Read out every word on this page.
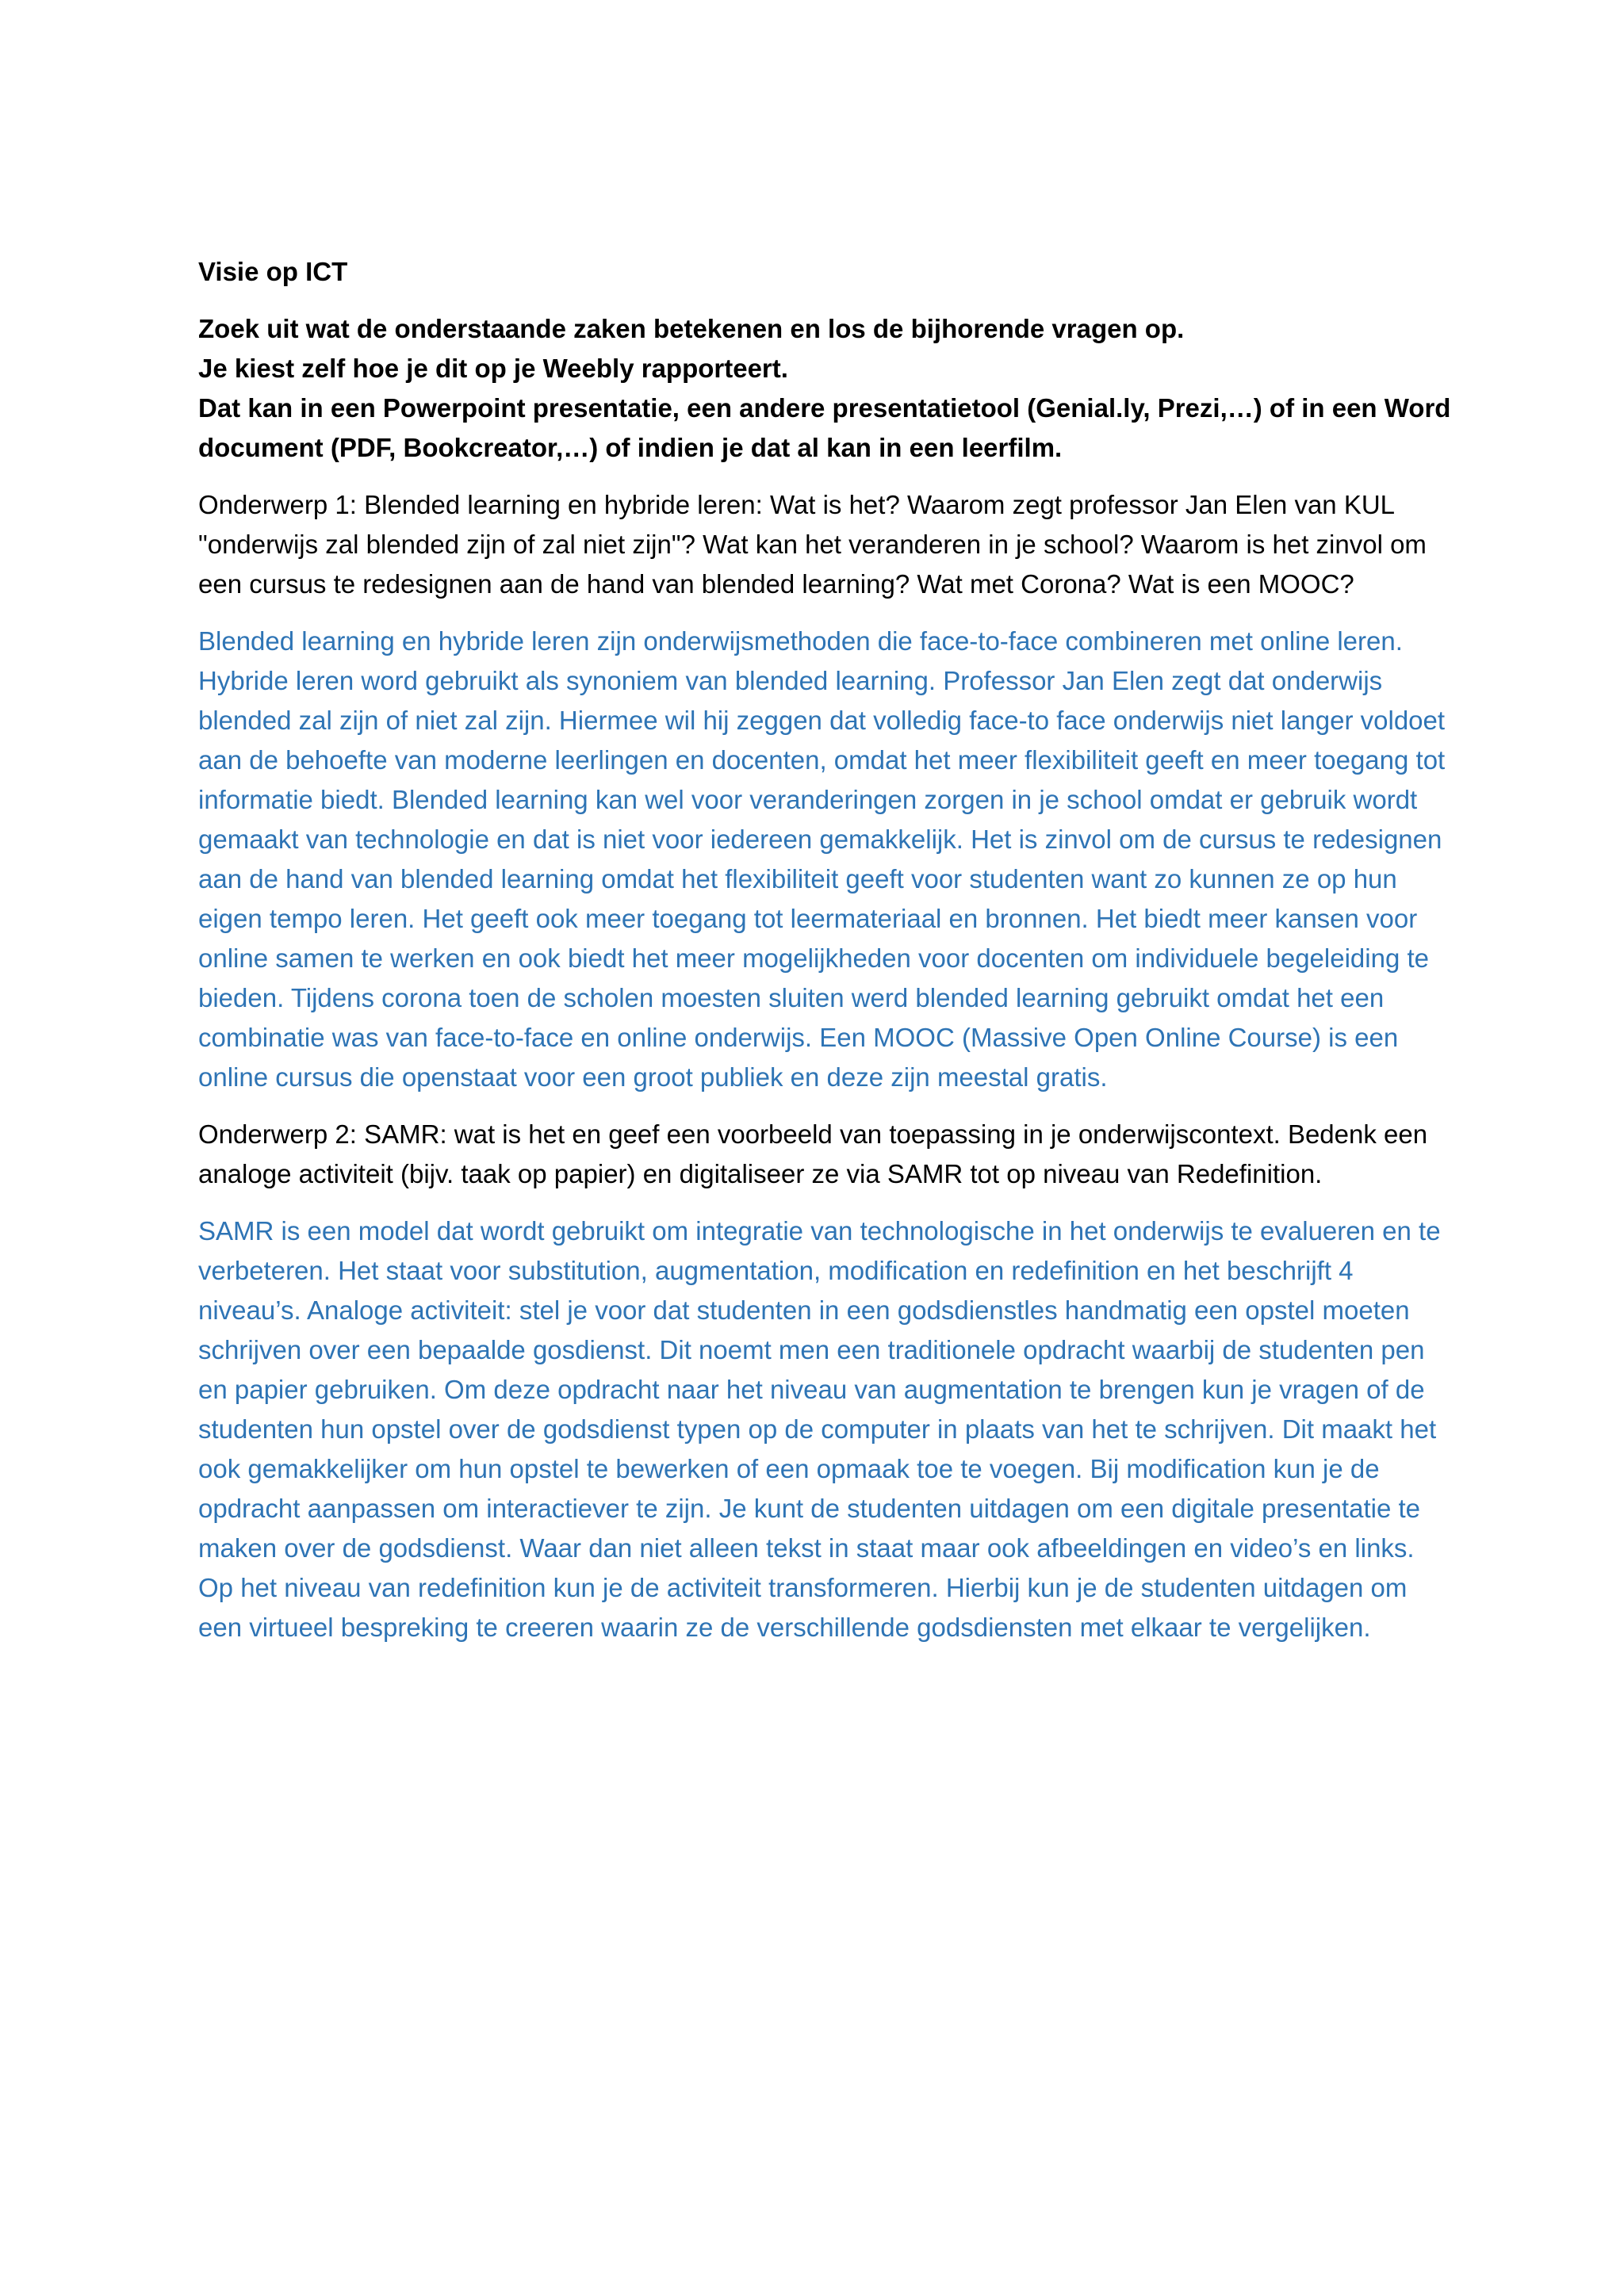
Visie op ICT

Zoek uit wat de onderstaande zaken betekenen en los de bijhorende vragen op.
Je kiest zelf hoe je dit op je Weebly rapporteert.
Dat kan in een Powerpoint presentatie, een andere presentatietool (Genial.ly, Prezi,…) of in een Word document (PDF, Bookcreator,…) of indien je dat al kan in een leerfilm.

Onderwerp 1: Blended learning en hybride leren: Wat is het? Waarom zegt professor Jan Elen van KUL "onderwijs zal blended zijn of zal niet zijn"? Wat kan het veranderen in je school? Waarom is het zinvol om een cursus te redesignen aan de hand van blended learning? Wat met Corona? Wat is een MOOC?

Blended learning en hybride leren zijn onderwijsmethoden die face-to-face combineren met online leren. Hybride leren word gebruikt als synoniem van blended learning. Professor Jan Elen zegt dat onderwijs blended zal zijn of niet zal zijn. Hiermee wil hij zeggen dat volledig face-to face onderwijs niet langer voldoet aan de behoefte van moderne leerlingen en docenten, omdat het meer flexibiliteit geeft en meer toegang tot informatie biedt. Blended learning kan wel voor veranderingen zorgen in je school omdat er gebruik wordt gemaakt van technologie en dat is niet voor iedereen gemakkelijk. Het is zinvol om de cursus te redesignen aan de hand van blended learning omdat het flexibiliteit geeft voor studenten want zo kunnen ze op hun eigen tempo leren. Het geeft ook meer toegang tot leermateriaal en bronnen. Het biedt meer kansen voor online samen te werken en ook biedt het meer mogelijkheden voor docenten om individuele begeleiding te bieden. Tijdens corona toen de scholen moesten sluiten werd blended learning gebruikt omdat het een combinatie was van face-to-face en online onderwijs. Een MOOC (Massive Open Online Course) is een online cursus die openstaat voor een groot publiek en deze zijn meestal gratis.

Onderwerp 2: SAMR: wat is het en geef een voorbeeld van toepassing in je onderwijscontext. Bedenk een analoge activiteit (bijv. taak op papier) en digitaliseer ze via SAMR tot op niveau van Redefinition.

SAMR is een model dat wordt gebruikt om integratie van technologische in het onderwijs te evalueren en te verbeteren. Het staat voor substitution, augmentation, modification en redefinition en het beschrijft 4 niveau’s. Analoge activiteit: stel je voor dat studenten in een godsdienstles handmatig een opstel moeten schrijven over een bepaalde gosdienst. Dit noemt men een traditionele opdracht waarbij de studenten pen en papier gebruiken. Om deze opdracht naar het niveau van augmentation te brengen kun je vragen of de studenten hun opstel over de godsdienst typen op de computer in plaats van het te schrijven. Dit maakt het ook gemakkelijker om hun opstel te bewerken of een opmaak toe te voegen. Bij modification kun je de opdracht aanpassen om interactiever te zijn. Je kunt de studenten uitdagen om een digitale presentatie te maken over de godsdienst. Waar dan niet alleen tekst in staat maar ook afbeeldingen en video’s en links. Op het niveau van redefinition kun je de activiteit transformeren. Hierbij kun je de studenten uitdagen om een virtueel bespreking te creeren waarin ze de verschillende godsdiensten met elkaar te vergelijken.
